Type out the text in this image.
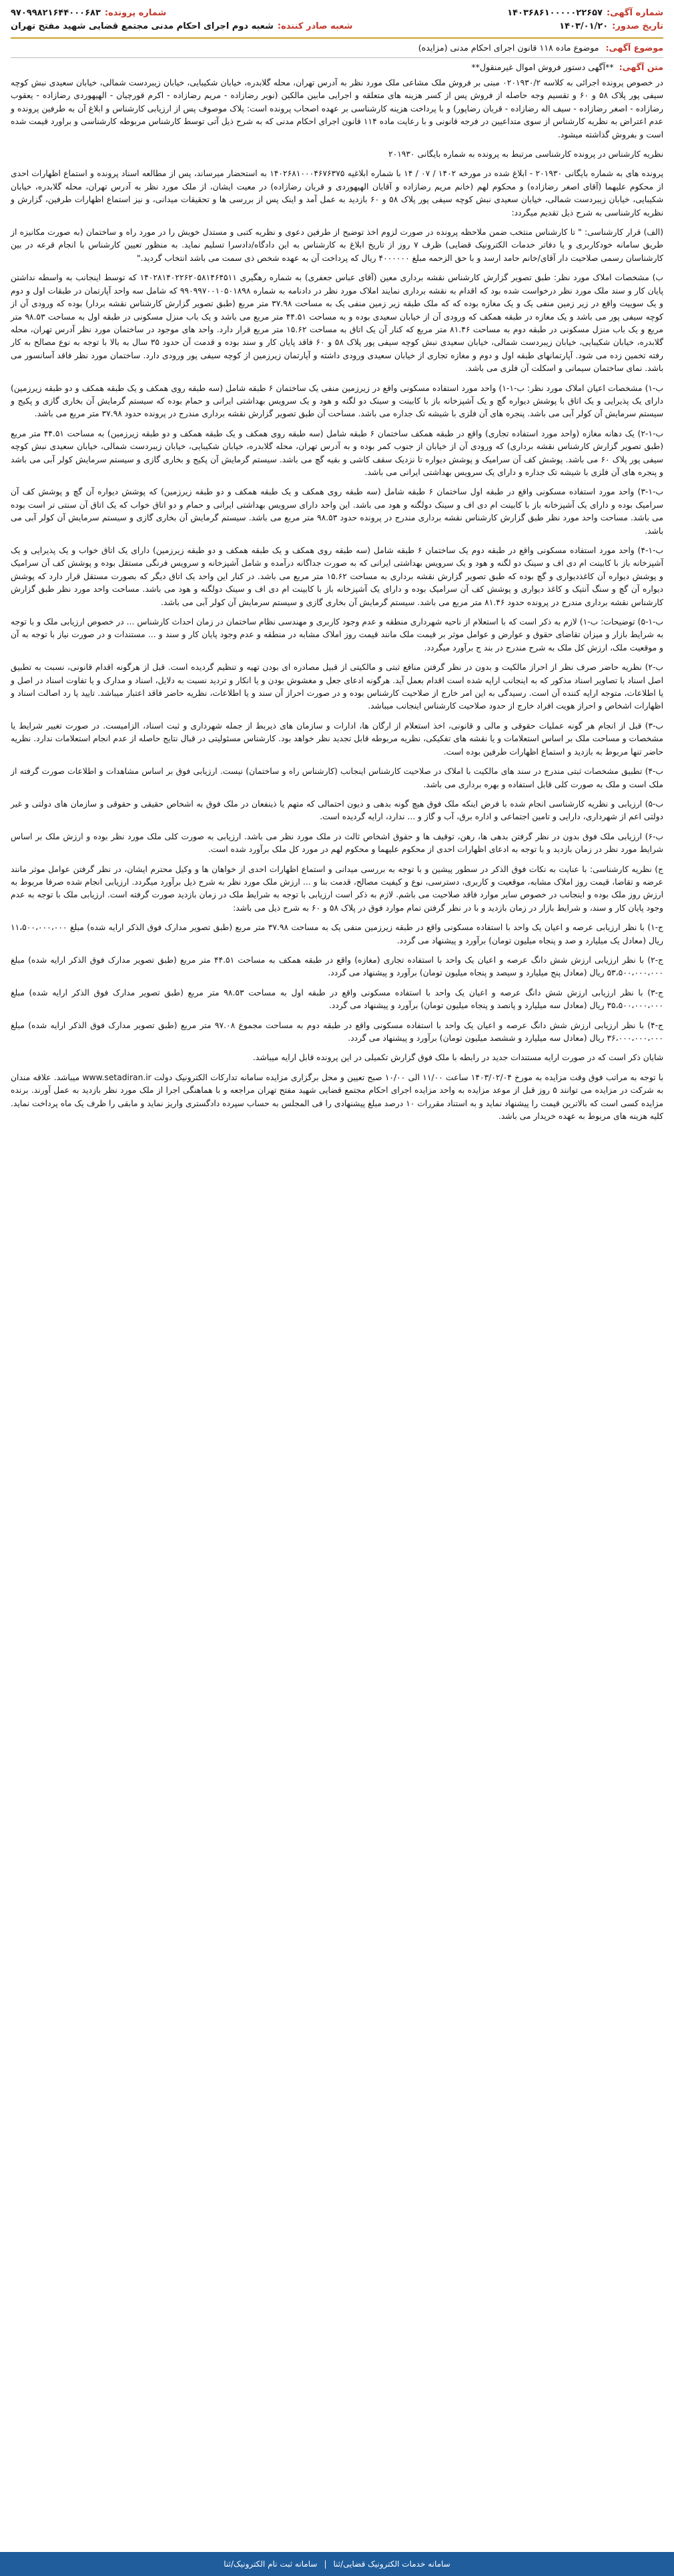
شماره آگهی:
۱۴۰۳۶۸۶۱۰۰۰۰۰۲۲۶۵۷
شماره پرونده:
۹۷۰۹۹۸۲۱۶۴۴۰۰۰۶۸۳
تاریخ صدور:
۱۴۰۳/۰۱/۲۰
شعبه صادر کننده:
شعبه دوم اجرای احکام مدنی مجتمع قضایی شهید مفتح تهران
موضوع آگهی: موضوع ماده ۱۱۸ قانون اجرای احکام مدنی (مزایده)
متن آگهی: **آگهی دستور فروش اموال غیرمنقول**

در خصوص پرونده اجرائی به کلاسه ۰۲۰۱۹۳۰/۲ مبنی بر فروش ملک مشاعی ملک مورد نظر به آدرس تهران، محله گلابدره، خیابان شکیبایی، خیابان زیبردست شمالی، خیابان سعیدی نبش کوچه سیفی پور پلاک ۵۸ و ۶۰ و تقسیم وجه حاصله از فروش پس از کسر هزینه های متعلقه و اجرایی مابین مالکین (نوبر رضازاده - مریم رضازاده - اکرم قورچیان - الهیهوردی رضازاده - یعقوب رضازاده - اصغر رضازاده - سیف اله رضازاده - قربان رضاپور) و با پرداخت هزینه کارشناسی بر عهده اصحاب پرونده است: پلاک موصوف پس از ارزیابی کارشناس و ابلاغ آن به طرفین پرونده و عدم اعتراض به نظریه کارشناس از سوی متداعیین در فرجه قانونی و با رعایت ماده ۱۱۴ قانون اجرای احکام مدنی که به شرح ذیل آتی توسط کارشناس مربوطه کارشناسی و براورد قیمت شده است و بفروش گذاشته میشود.

نظریه کارشناس در پرونده کارشناسی مرتبط به پرونده به شماره بایگانی ۲۰۱۹۳۰

پرونده های به شماره بایگانی ۲۰۱۹۳۰ - ابلاغ شده در مورخه ۱۴۰۲ / ۰۷ / ۱۴ با شماره ابلاغیه ۱۴۰۲۶۸۱۰۰۰۴۶۷۶۳۷۵ به استحضار میرساند، پس از مطالعه اسناد پرونده و استماع اظهارات احدی از محکوم علیهما (آقای اصغر رضازاده) و محکوم لهم (خانم مریم رضازاده و آقایان الهیهوردی و قربان رضازاده) در معیت ایشان، از ملک مورد نظر به آدرس تهران، محله گلابدره، خیابان شکیبایی، خیابان زیبردست شمالی، خیابان سعیدی نبش کوچه سیفی پور پلاک ۵۸ و ۶۰ بازدید به عمل آمد و اینک پس از بررسی ها و تحقیقات میدانی، و نیز استماع اظهارات طرفین، گزارش و نظریه کارشناسی به شرح ذیل تقدیم میگردد:

(الف) قرار کارشناسی: " تا کارشناس منتخب ضمن ملاحظه پرونده در صورت لزوم اخذ توضیح از طرفین دعوی و نظریه کتبی و مستدل خویش را در مورد راه و ساختمان (به صورت مکانیزه از طریق سامانه خودکاربری و یا دفاتر خدمات الکترونیک قضایی) ظرف ۷ روز از تاریخ ابلاغ به کارشناس به این دادگاه/دادسرا تسلیم نماید. به منظور تعیین کارشناس با انجام قرعه در بین کارشناسان رسمی صلاحیت دار آقای/خانم حامد ارسد و با حق الزحمه مبلغ ۴۰۰۰۰۰۰ ریال که پرداخت آن به عهده شخص ذی سمت می باشد انتخاب گردید."

ب) مشخصات املاک مورد نظر: طبق تصویر گزارش کارشناس نقشه برداری معین (آقای عباس جعفری) به شماره رهگیری ۱۴۰۲۸۱۴۰۲۲۶۲۰۵۸۱۴۶۴۵۱۱ که توسط اینجانب به واسطه نداشتن پایان کار و سند ملک مورد نظر درخواست شده بود که اقدام به نقشه برداری نمایند املاک مورد نظر در دادنامه به شماره ۹۹۰۹۹۷۰۰۱۰۵۰۱۸۹۸ که شامل سه واحد آپارتمان در طبقات اول و دوم و یک سوییت واقع در زیر زمین منفی یک و یک مغازه بوده که که ملک طبقه زیر زمین منفی یک به مساحت ۳۷.۹۸ متر مربع (طبق تصویر گزارش کارشناس نقشه بردار) بوده که ورودی آن از کوچه سیفی پور می باشد و یک مغازه در طبقه همکف که ورودی آن از خیابان سعیدی بوده و به مساحت ۴۴.۵۱ متر مربع می باشد و یک باب منزل مسکونی در طبقه اول به مساحت ۹۸.۵۳ متر مربع و یک باب منزل مسکونی در طبقه دوم به مساحت ۸۱.۴۶ متر مربع که کنار آن یک اتاق به مساحت ۱۵.۶۲ متر مربع قرار دارد. واحد های موجود در ساختمان مورد نظر آدرس تهران، محله گلابدره، خیابان شکیبایی، خیابان زیبردست شمالی، خیابان سعیدی نبش کوچه سیفی پور پلاک ۵۸ و ۶۰ فاقد پایان کار و سند بوده و قدمت آن حدود ۳۵ سال به بالا با توجه به نوع مصالح به کار رفته تخمین زده می شود. آپارتمانهای طبقه اول و دوم و مغازه تجاری از خیابان سعیدی ورودی داشته و آپارتمان زیرزمین از کوچه سیفی پور ورودی دارد. ساختمان مورد نظر فاقد آسانسور می باشد. نمای ساختمان سیمانی و اسکلت آن فلزی می باشد.

ب-۱) مشخصات اعیان املاک مورد نظر: ب-۱-۱) واحد مورد استفاده مسکونی واقع در زیرزمین منفی یک ساختمان ۶ طبقه شامل (سه طبقه روی همکف و یک طبقه همکف و دو طبقه زیرزمین) دارای یک پذیرایی و یک اتاق با پوشش دیواره گچ و یک آشپزخانه باز با کابینت و سینک دو لگنه و هود و یک سرویس بهداشتی ایرانی و حمام بوده که سیستم گرمایش آن بخاری گازی و پکیج و سیستم سرمایش آن کولر آبی می باشد. پنجره های آن فلزی با شیشه تک جداره می باشد. مساحت آن طبق تصویر گزارش نقشه برداری مندرج در پرونده حدود ۳۷.۹۸ متر مربع می باشد.

ب-۱-۲) یک دهانه مغازه (واحد مورد استفاده تجاری) واقع در طبقه همکف ساختمان ۶ طبقه شامل (سه طبقه روی همکف و یک طبقه همکف و دو طبقه زیرزمین) به مساحت ۴۴.۵۱ متر مربع (طبق تصویر گزارش کارشناس نقشه برداری) که ورودی آن از خیابان از جنوب کمر بوده و به آدرس تهران، محله گلابدره، خیابان شکیبایی، خیابان زیبردست شمالی، خیابان سعیدی نبش کوچه سیفی پور پلاک ۶۰ می باشد. پوشش کف آن سرامیک و پوشش دیواره تا نزدیک سقف کاشی و بقیه گچ می باشد. سیستم گرمایش آن پکیج و بخاری گازی و سیستم سرمایش کولر آبی می باشد و پنجره های آن فلزی با شیشه تک جداره و دارای یک سرویس بهداشتی ایرانی می باشد.

ب-۱-۳) واحد مورد استفاده مسکونی واقع در طبقه اول ساختمان ۶ طبقه شامل (سه طبقه روی همکف و یک طبقه همکف و دو طبقه زیرزمین) که پوشش دیواره آن گچ و پوشش کف آن سرامیک بوده و دارای یک آشپزخانه باز با کابینت ام دی اف و سینک دولگنه و هود می باشد. این واحد دارای سرویس بهداشتی ایرانی و حمام و دو اتاق خواب که یک اتاق آن سنتی تر است بوده می باشد. مساحت واحد مورد نظر طبق گزارش کارشناس نقشه برداری مندرج در پرونده حدود ۹۸.۵۳ متر مربع می باشد. سیستم گرمایش آن بخاری گازی و سیستم سرمایش آن کولر آبی می باشد.

ب-۱-۴) واحد مورد استفاده مسکونی واقع در طبقه دوم یک ساختمان ۶ طبقه شامل (سه طبقه روی همکف و یک طبقه همکف و دو طبقه زیرزمین) دارای یک اتاق خواب و یک پذیرایی و یک آشپزخانه باز با کابینت ام دی اف و سینک دو لگنه و هود و یک سرویس بهداشتی ایرانی که به صورت جداگانه درآمده و شامل آشپزخانه و سرویس فرنگی مستقل بوده و پوشش کف آن سرامیک و پوشش دیواره آن کاغذدیواری و گچ بوده که طبق تصویر گزارش نقشه برداری به مساحت ۱۵.۶۲ متر مربع می باشد. در کنار این واحد یک اتاق دیگر که بصورت مستقل قرار دارد که پوشش دیواره آن گچ و سنگ آنتیک و کاغذ دیواری و پوشش کف آن سرامیک بوده و دارای یک آشپزخانه باز با کابینت ام دی اف و سینک دولگنه و هود می باشد. مساحت واحد مورد نظر طبق گزارش کارشناس نقشه برداری مندرج در پرونده حدود ۸۱.۴۶ متر مربع می باشد. سیستم گرمایش آن بخاری گازی و سیستم سرمایش آن کولر آبی می باشد.

ب-۱-۵) توضیحات: ب-۱) لازم به ذکر است که با استعلام از ناحیه شهرداری منطقه و عدم وجود کاربری و مهندسی نظام ساختمان در زمان احداث کارشناس ... در خصوص ارزیابی ملک و با توجه به شرایط بازار و میزان تقاضای حقوق و عوارض و عوامل موثر بر قیمت ملک مانند قیمت روز املاک مشابه در منطقه و عدم وجود پایان کار و سند و ... مستندات و در صورت نیاز با توجه به آن و موقعیت ملک، ارزش کل ملک به شرح مندرج در بند ج برآورد میگردد.

ب-۲) نظریه حاضر صرف نظر از احراز مالکیت و بدون در نظر گرفتن منافع ثبتی و مالکیتی از قبیل مصادره ای بودن تهیه و تنظیم گردیده است. قبل از هرگونه اقدام قانونی، نسبت به تطبیق اصل اسناد با تصاویر اسناد مذکور که به اینجانب ارایه شده است اقدام بعمل آید. هرگونه ادعای جعل و مغشوش بودن و یا انکار و تردید نسبت به دلایل، اسناد و مدارک و یا تفاوت اسناد در اصل و یا اطلاعات، متوجه ارایه کننده آن است. رسیدگی به این امر خارج از صلاحیت کارشناس بوده و در صورت احراز آن سند و یا اطلاعات، نظریه حاضر فاقد اعتبار میباشد. تایید یا رد اصالت اسناد و اظهارات اشخاص و احراز هویت افراد خارج از حدود صلاحیت کارشناس اینجانب میباشد.

ب-۳) قبل از انجام هر گونه عملیات حقوقی و مالی و قانونی، اخذ استعلام از ارگان ها، ادارات و سازمان های ذیربط از جمله شهرداری و ثبت اسناد، الزامیست. در صورت تغییر شرایط یا مشخصات و مساحت ملک بر اساس استعلامات و یا نقشه های تفکیکی، نظریه مربوطه قابل تجدید نظر خواهد بود. کارشناس مسئولیتی در قبال نتایج حاصله از عدم انجام استعلامات ندارد. نظریه حاضر تنها مربوط به بازدید و استماع اظهارات طرفین بوده است.

ب-۴) تطبیق مشخصات ثبتی مندرج در سند های مالکیت با املاک در صلاحیت کارشناس اینجانب (کارشناس راه و ساختمان) نیست. ارزیابی فوق بر اساس مشاهدات و اطلاعات صورت گرفته از ملک است و ملک به صورت کلی قابل استفاده و بهره برداری می باشد.

ب-۵) ارزیابی و نظریه کارشناسی انجام شده با فرض اینکه ملک فوق هیچ گونه بدهی و دیون احتمالی که متهم یا ذینفعان در ملک فوق به اشخاص حقیقی و حقوقی و سازمان های دولتی و غیر دولتی اعم از شهرداری، دارایی و تامین اجتماعی و اداره برق، آب و گاز و ... ندارد، ارایه گردیده است.

ب-۶) ارزیابی ملک فوق بدون در نظر گرفتن بدهی ها، رهن، توقیف ها و حقوق اشخاص ثالث در ملک مورد نظر می باشد. ارزیابی به صورت کلی ملک مورد نظر بوده و ارزش ملک بر اساس شرایط مورد نظر در زمان بازدید و با توجه به ادعای اظهارات احدی از محکوم علیهما و محکوم لهم در مورد کل ملک برآورد شده است.

ج) نظریه کارشناسی: با عنایت به نکات فوق الذکر در سطور پیشین و با توجه به بررسی میدانی و استماع اظهارات احدی از خواهان ها و وکیل محترم ایشان، در نظر گرفتن عوامل موثر مانند عرضه و تقاضا، قیمت روز املاک مشابه، موقعیت و کاربری، دسترسی، نوع و کیفیت مصالح، قدمت بنا و ... ارزش ملک مورد نظر به شرح ذیل برآورد میگردد. ارزیابی انجام شده صرفا مربوط به ارزش روز ملک بوده و اینجانب در خصوص سایر موارد فاقد صلاحیت می باشم. لازم به ذکر است ارزیابی با توجه به شرایط ملک در زمان بازدید صورت گرفته است. ارزیابی ملک با توجه به عدم وجود پایان کار و سند، و شرایط بازار در زمان بازدید و با در نظر گرفتن تمام موارد فوق در پلاک ۵۸ و ۶۰ به شرح ذیل می باشد:

ج-۱) با نظر ارزیابی عرصه و اعیان یک واحد با استفاده مسکونی واقع در طبقه زیرزمین منفی یک به مساحت ۳۷.۹۸ متر مربع (طبق تصویر مدارک فوق الذکر ارایه شده) مبلغ ۱۱،۵۰۰،۰۰۰،۰۰۰ ریال (معادل یک میلیارد و صد و پنجاه میلیون تومان) برآورد و پیشنهاد می گردد.

ج-۲) با نظر ارزیابی ارزش شش دانگ عرصه و اعیان یک واحد با استفاده تجاری (مغازه) واقع در طبقه همکف به مساحت ۴۴.۵۱ متر مربع (طبق تصویر مدارک فوق الذکر ارایه شده) مبلغ ۵۳،۵۰۰،۰۰۰،۰۰۰ ریال (معادل پنج میلیارد و سیصد و پنجاه میلیون تومان) برآورد و پیشنهاد می گردد.

ج-۳) با نظر ارزیابی ارزش شش دانگ عرصه و اعیان یک واحد با استفاده مسکونی واقع در طبقه اول به مساحت ۹۸.۵۳ متر مربع (طبق تصویر مدارک فوق الذکر ارایه شده) مبلغ ۳۵،۵۰۰،۰۰۰،۰۰۰ ریال (معادل سه میلیارد و پانصد و پنجاه میلیون تومان) برآورد و پیشنهاد می گردد.

ج-۴) با نظر ارزیابی ارزش شش دانگ عرصه و اعیان یک واحد با استفاده مسکونی واقع در طبقه دوم به مساحت مجموع ۹۷.۰۸ متر مربع (طبق تصویر مدارک فوق الذکر ارایه شده) مبلغ ۳۶،۰۰۰،۰۰۰،۰۰۰ ریال (معادل سه میلیارد و ششصد میلیون تومان) برآورد و پیشنهاد می گردد.

شایان ذکر است که در صورت ارایه مستندات جدید در رابطه با ملک فوق گزارش تکمیلی در این پرونده قابل ارایه میباشد.

با توجه به مراتب فوق وقت مزایده به مورخ ۱۴۰۳/۰۲/۰۴ ساعت ۱۱/۰۰ الی ۱۰/۰۰ صبح تعیین و محل برگزاری مزایده سامانه تدارکات الکترونیک دولت www.setadiran.ir میباشد. علاقه مندان به شرکت در مزایده می توانند ۵ روز قبل از موعد مزایده به واحد مزایده اجرای احکام مجتمع قضایی شهید مفتح تهران مراجعه و با هماهنگی اجرا از ملک مورد نظر بازدید به عمل آورند. برنده مزایده کسی است که بالاترین قیمت را پیشنهاد نماید و به استناد مقررات ۱۰ درصد مبلغ پیشنهادی را فی المجلس به حساب سپرده دادگستری واریز نماید و مابقی را ظرف یک ماه پرداخت نماید. کلیه هزینه های مربوط به عهده خریدار می باشد.

سامانه خدمات الکترونیک قضایی/ثنا
|
سامانه ثبت نام الکترونیک/ثنا
